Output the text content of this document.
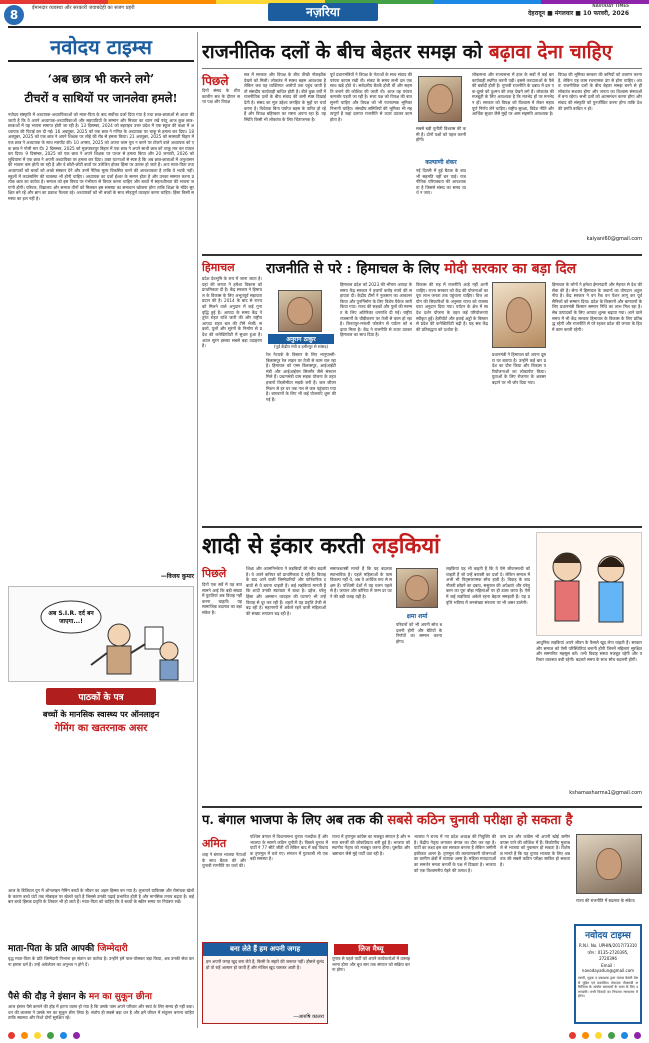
8	ईमानदार व्यवस्था और सरकारी जवाबदेही का सजग प्रहरी	नज़रिया	NAVODAY TIMES
देहरादून ■ मंगलवार ■ 10 फरवरी, 2026
नवोदय टाइम्स
‘अब छात्र भी करने लगे’
टीचरों व साथियों पर जानलेवा हमले!
नवोदय संस्कृति में अध्यापक-अध्यापिकाओं को माता-पिता के बाद सर्वोच्च दर्जा दिया गया है तथा छात्र-छात्राओं से आशा की जाती है कि वे अपने अध्यापक-अध्यापिकाओं और सहपाठियों के सम्मान और मित्रता का ध्यान रखें परंतु आज कुछ छात्र-छात्राओं में यह भावना समाप्त होती जा रही है। 13 दिसम्बर, 2024 को बहराइच उत्तर प्रदेश में एक स्कूल की कक्षा में अध्यापक की पिटाई कर दी गई। 16 अक्तूबर, 2025 को एक छात्र ने गणित के अध्यापक पर चाकू से हमला कर दिया। 18 अक्तूबर, 2025 को एक छात्र ने अपने शिक्षक पर लोहे की रॉड से हमला किया। 21 अक्तूबर, 2025 को सरस्वती विहार में एक छात्र ने अध्यापक के साथ मारपीट की। 10 अगस्त, 2025 को अपना काम पूरा न करने पर टोकने वाले अध्यापक को एक छात्र ने गोली मार दी। 2 दिसम्बर, 2025 को मुज़फ्फरपुर बिहार में एक छात्र ने अपने साथी छात्र को चाकू मार कर घायल कर दिया। 9 दिसम्बर, 2025 को एक छात्र ने अपने शिक्षक पर पत्थर से हमला किया और 20 जनवरी, 2026 को लुधियाना में एक छात्र ने अपनी अध्यापिका पर हमला कर दिया। उक्त घटनाओं से स्पष्ट है कि अब छात्र-छात्राओं में अनुशासन की भावना कम होती जा रही है और वे छोटी-छोटी बातों पर उत्तेजित होकर हिंसा पर उतारू हो जाते हैं। अतः माता-पिता तथा अध्यापकों को बच्चों को अच्छे संस्कार देने और उनमें नैतिक मूल्य विकसित करने की आवश्यकता है ताकि वे भटकें नहीं। स्कूलों में काउंसलिंग की व्यवस्था भी होनी चाहिए। अध्यापक का दर्जा ईश्वर के समान होता है और उनका सम्मान करना प्रत्येक छात्र का कर्तव्य है। समाज को इस विषय पर गंभीरता से विचार करना चाहिए और बच्चों में सहनशीलता की भावना जगानी होगी। परिवार, विद्यालय और समाज तीनों को मिलकर इस समस्या का समाधान खोजना होगा ताकि शिक्षा के मंदिर सुरक्षित बने रहें और ज्ञान का प्रकाश फैलता रहे। अध्यापकों को भी बच्चों के साथ स्नेहपूर्ण व्यवहार करना चाहिए। हिंसा किसी समस्या का हल नहीं है।
—विजय कुमार
अब S.I.R. दर्द बन जाएगा...!
पाठकों के पत्र
बच्चों के मानसिक स्वास्थ्य पर ऑनलाइन
गेमिंग का खतरनाक असर
आज के डिजिटल युग में ऑनलाइन गेमिंग बच्चों के जीवन का अहम हिस्सा बन गया है। लुभावने ग्राफिक्स और रोमांचक खेलों के कारण बच्चे घंटों तक मोबाइल पर खेलते रहते हैं जिससे उनकी पढ़ाई प्रभावित होती है और मानसिक तनाव बढ़ता है। कई बार बच्चे हिंसक प्रवृत्ति के शिकार भी हो जाते हैं। माता-पिता को चाहिए कि वे बच्चों के स्क्रीन समय पर नियंत्रण रखें।
माता-पिता के प्रति आपकी जिम्मेदारी
वृद्ध माता-पिता के प्रति जिम्मेदारी निभाना हर संतान का कर्तव्य है। उन्होंने हमें पाल-पोसकर बड़ा किया, अब उनकी सेवा करना हमारा धर्म है। उन्हें अकेलेपन का अनुभव न होने दें।
पैसे की दौड़ ने इंसान के मन का सुकून छीना
आज इंसान पैसे कमाने की होड़ में इतना व्यस्त हो गया है कि उसके पास अपने परिवार और स्वयं के लिए समय ही नहीं बचा। धन की लालसा ने उसके मन का सुकून छीन लिया है। संतोष ही सबसे बड़ा धन है और हमें जीवन में संतुलन बनाना चाहिए ताकि स्वास्थ्य और रिश्ते दोनों सुरक्षित रहें।
राजनीतिक दलों के बीच बेहतर समझ को बढ़ावा देना चाहिए
पिछले
दिनों संसद के शीतकालीन सत्र के दौरान सत्ता पक्ष और विपक्ष
सत्र में सरकार और विपक्ष के बीच तीखी नोकझोंक देखने को मिली। लोकतंत्र में स्वस्थ बहस आवश्यक है लेकिन जब यह व्यक्तिगत आरोपों तक पहुंच जाती है तो संसदीय कार्यवाही बाधित होती है। बीते कुछ वर्षों में राजनीतिक दलों के बीच संवाद की कमी स्पष्ट दिखाई देती है। संसद का मूल उद्देश्य जनहित के मुद्दों पर चर्चा करना है। विधेयक बिना पर्याप्त बहस के पारित हो रहे हैं और विपक्ष बहिष्कार का रास्ता अपना रहा है। यह स्थिति किसी भी लोकतंत्र के लिए चिंताजनक है।
पूर्व प्रधानमंत्रियों ने विपक्ष के नेताओं के साथ संवाद की परंपरा कायम रखी थी। संकट के समय सभी दल एक साथ खड़े होते थे। सर्वदलीय बैठकें होती थीं और सहमति बनाने की कोशिश की जाती थी। आज वह परंपरा कमजोर पड़ती जा रही है। सत्ता पक्ष को विपक्ष की बात सुननी चाहिए और विपक्ष को भी रचनात्मक भूमिका निभानी चाहिए। संसदीय समितियों की भूमिका भी महत्वपूर्ण है जहां दलगत राजनीति से ऊपर उठकर काम होता है।
सबसे बड़ी चुनौती विश्वास की कमी है। दोनों पक्षों को पहल करनी होगी।
कल्याणी शंकर
नई दिल्ली में हुई बैठक के बाद भी सहमति नहीं बन पाई। राजनीतिक परिपक्वता की आवश्यकता है जिससे संसद का समय व्यर्थ न जाए।
लोकसभा और राज्यसभा में हाल के सत्रों में कई बार कार्यवाही स्थगित करनी पड़ी। इससे करदाताओं के पैसे की बर्बादी होती है। चुनावी राजनीति के दबाव में दल एक-दूसरे को दुश्मन की तरह देखने लगे हैं। लोकतंत्र की मजबूती के लिए आवश्यक है कि मतभेद हों पर मनभेद न हों। सरकार को विपक्ष को विश्वास में लेकर महत्वपूर्ण निर्णय लेने चाहिए। राष्ट्रीय सुरक्षा, विदेश नीति और आर्थिक सुधार जैसे मुद्दों पर आम सहमति आवश्यक है।
विपक्ष की भूमिका सरकार की कमियों को उजागर करना है, लेकिन यह काम रचनात्मक ढंग से होना चाहिए। अंततः राजनीतिक दलों के बीच बेहतर समझ बनने से ही लोकतंत्र सशक्त होगा और जनता का विश्वास संस्थाओं में बना रहेगा। सभी दलों को आत्ममंथन करना होगा और संवाद की संस्कृति को पुनर्जीवित करना होगा ताकि देश की प्रगति बाधित न हो।
kalyani60@gmail.com
हिमाचल
प्रदेश देवभूमि के रूप में जाना जाता है। यहां की जनता ने हमेशा विकास को प्राथमिकता दी है। केंद्र सरकार ने हिमाचल के विकास के लिए अभूतपूर्व सहायता प्रदान की है। 2014 के बाद से राज्य को मिलने वाले अनुदान में कई गुना वृद्धि हुई है। आपदा के समय केंद्र ने तुरंत राहत राशि जारी की और राष्ट्रीय आपदा राहत बल की टीमें भेजीं। सड़कों, पुलों और सुरंगों के निर्माण से प्रदेश की कनेक्टिविटी में सुधार हुआ है। अटल सुरंग इसका सबसे बड़ा उदाहरण है।
राजनीति से परे : हिमाचल के लिए मोदी सरकार का बड़ा दिल
अनुराग ठाकुर
(पूर्व केंद्रीय मंत्री व हमीरपुर से सांसद)
रेल नेटवर्क के विस्तार के लिए भानुपल्ली-बिलासपुर रेल लाइन पर तेजी से काम चल रहा है। हिमाचल को एम्स बिलासपुर, आईआईटी मंडी और आईआईएम सिरमौर जैसे संस्थान मिले हैं। प्रधानमंत्री ग्राम सड़क योजना के तहत हजारों किलोमीटर सड़कें बनी हैं। जल जीवन मिशन से हर घर तक नल से जल पहुंचाया गया है। बागवानों के लिए भी कई योजनाएं शुरू की गई हैं।
हिमाचल प्रदेश को 2023 की भीषण आपदा के समय केंद्र सरकार ने हजारों करोड़ रुपये की सहायता दी। केंद्रीय टीमों ने नुकसान का आकलन किया और पुनर्निर्माण के लिए विशेष पैकेज जारी किया गया। राज्य की सड़कों और पुलों की मरम्मत के लिए अतिरिक्त धनराशि दी गई। राष्ट्रीय राजमार्गों के चौड़ीकरण पर तेजी से काम हो रहा है। किरतपुर-मनाली फोरलेन से पर्यटन को बढ़ावा मिला है। केंद्र ने राजनीति से ऊपर उठकर हिमाचल का साथ दिया है।
विकास की राह में राजनीति आड़े नहीं आनी चाहिए। राज्य सरकार को केंद्र की योजनाओं का पूरा लाभ जनता तक पहुंचाना चाहिए। वित्त आयोग की सिफारिशों के अनुसार राज्य को राजस्व घाटा अनुदान दिया गया। पर्यटन के क्षेत्र में स्वदेश दर्शन योजना के तहत कई परियोजनाएं स्वीकृत हुईं। हेलीपोर्ट और हवाई अड्डों के विस्तार से प्रदेश की कनेक्टिविटी बढ़ी है। यह सब केंद्र की प्रतिबद्धता को दर्शाता है।
प्रधानमंत्री ने हिमाचल को अपना दूसरा घर बताया है। उन्होंने कई बार प्रदेश का दौरा किया और विकास परियोजनाओं का लोकार्पण किया। युवाओं के लिए रोजगार के अवसर बढ़ाने पर भी जोर दिया गया।
हिमाचल के लोगों ने हमेशा ईमानदारी और मेहनत से देश की सेवा की है। सेना में हिमाचल के जवानों का योगदान अतुलनीय है। केंद्र सरकार ने वन रैंक वन पेंशन लागू कर पूर्व सैनिकों को सम्मान दिया। प्रदेश के किसानों और बागवानों के लिए प्रधानमंत्री किसान सम्मान निधि का लाभ मिल रहा है। सेब उत्पादकों के लिए आयात शुल्क बढ़ाया गया। आने वाले समय में भी केंद्र सरकार हिमाचल के विकास के लिए प्रतिबद्ध रहेगी और राजनीति से परे रहकर प्रदेश की जनता के हित में काम करती रहेगी।
शादी से इंकार करती लड़कियां
पिछले
दिनों एक सर्वे में यह बात सामने आई कि बड़ी संख्या में युवतियां अब विवाह नहीं करना चाहतीं। यह सामाजिक बदलाव का बड़ा संकेत है।
शिक्षा और आत्मनिर्भरता ने लड़कियों की सोच बदली है। वे अपने करियर को प्राथमिकता दे रही हैं। विवाह के बाद आने वाली जिम्मेदारियों और पारिवारिक दबावों से वे बचना चाहती हैं। कई लड़कियां मानती हैं कि शादी उनकी स्वतंत्रता में बाधा है। दहेज, घरेलू हिंसा और असमान व्यवहार की घटनाएं भी उन्हें विवाह से दूर कर रही हैं। शहरों में यह प्रवृत्ति तेजी से बढ़ रही है। महानगरों में अकेले रहने वाली महिलाओं की संख्या लगातार बढ़ रही है।
समाजशास्त्री मानते हैं कि यह बदलाव स्वाभाविक है। पहले महिलाओं के पास विकल्प नहीं थे, अब वे आर्थिक रूप से सक्षम हैं। पश्चिमी देशों में यह चलन पहले से है। जापान और कोरिया में जन्म दर घटने की बड़ी वजह यही है।
क्षमा शर्मा
परिवारों को भी अपनी सोच बदलनी होगी और बेटियों के निर्णयों का सम्मान करना होगा।
लड़कियां यह भी कहती हैं कि वे ऐसे जीवनसाथी को चाहती हैं जो उन्हें बराबरी का दर्जा दे। लेकिन समाज में अभी भी पितृसत्तात्मक सोच हावी है। विवाह के बाद नौकरी छोड़ने का दबाव, ससुराल की अपेक्षाएं और घरेलू काम का पूरा बोझ महिलाओं पर ही डाला जाता है। ऐसे में कई लड़कियां अकेले रहना बेहतर समझती हैं। यह प्रवृत्ति भविष्य में जनसंख्या संरचना पर भी असर डालेगी।
आधुनिक लड़कियां अपने जीवन के फैसले खुद लेना चाहती हैं। सरकार और समाज को ऐसी परिस्थितियां बनानी होंगी जिनमें महिलाएं सुरक्षित और सम्मानित महसूस करें। तभी विवाह संस्था मजबूत रहेगी और परिवार व्यवस्था बची रहेगी। बदलते समय के साथ सोच बदलनी होगी।
kshamasharma1@gmail.com
प. बंगाल भाजपा के लिए अब तक की सबसे कठिन चुनावी परीक्षा हो सकता है
अमित
शाह ने बंगाल भाजपा नेताओं के साथ बैठक की और चुनावी रणनीति पर चर्चा की।
पश्चिम बंगाल में विधानसभा चुनाव नजदीक हैं और भाजपा के सामने कठिन चुनौती है। पिछले चुनाव में पार्टी ने 77 सीटें जीती थीं लेकिन बाद में कई विधायक तृणमूल में चले गए। संगठन में गुटबाजी भी एक बड़ी समस्या है।
बना लेते हैं हम अपनी जगह
हम अपनी जगह खुद बना लेते हैं, किसी के सहारे की जरूरत नहीं। हौसले बुलंद हों तो राहें आसान हो जाती हैं और मंजिल खुद चलकर आती है।
—आरुषि कालरा
राज्य में तृणमूल कांग्रेस का मजबूत संगठन है और ममता बनर्जी की लोकप्रियता बनी हुई है। भाजपा को स्थानीय नेतृत्व को मजबूत करना होगा। घुसपैठ और भ्रष्टाचार जैसे मुद्दे पार्टी उठा रही है।
लिज मैथ्यू
चुनाव से पहले पार्टी को अपने कार्यकर्ताओं में उत्साह भरना होगा और बूथ स्तर तक संगठन को सक्रिय करना होगा।
भाजपा ने राज्य में नए प्रदेश अध्यक्ष की नियुक्ति की है। केंद्रीय नेतृत्व लगातार बंगाल का दौरा कर रहा है। पार्टी का लक्ष्य इस बार सरकार बनाना है लेकिन जमीनी हकीकत अलग है। तृणमूल की कल्याणकारी योजनाओं का ग्रामीण क्षेत्रों में व्यापक असर है। महिला मतदाताओं का समर्थन ममता बनर्जी के पक्ष में दिखता है। भाजपा को एक विश्वसनीय चेहरे की तलाश है।
वाम दल और कांग्रेस भी अपनी खोई जमीन वापस पाने की कोशिश में हैं। त्रिकोणीय मुकाबले से भाजपा को नुकसान हो सकता है। विशेषज्ञ मानते हैं कि यह चुनाव भाजपा के लिए अब तक की सबसे कठिन परीक्षा साबित हो सकता है।
राज्य की राजनीति में बदलाव के संकेत।
नवोदय टाइम्स
R.N.I. No. UPHIN/2017/73310
फोन : 0135-2720395, 2720396
Email : navodayadun@gmail.com
स्वामी, मुद्रक व प्रकाशक द्वारा पंजाब केसरी प्रेस से मुद्रित एवं प्रकाशित। संपादक पीआरबी अधिनियम के अंतर्गत समाचारों के चयन के लिए उत्तरदायी। सभी विवादों का निपटारा न्यायालय में होगा।
